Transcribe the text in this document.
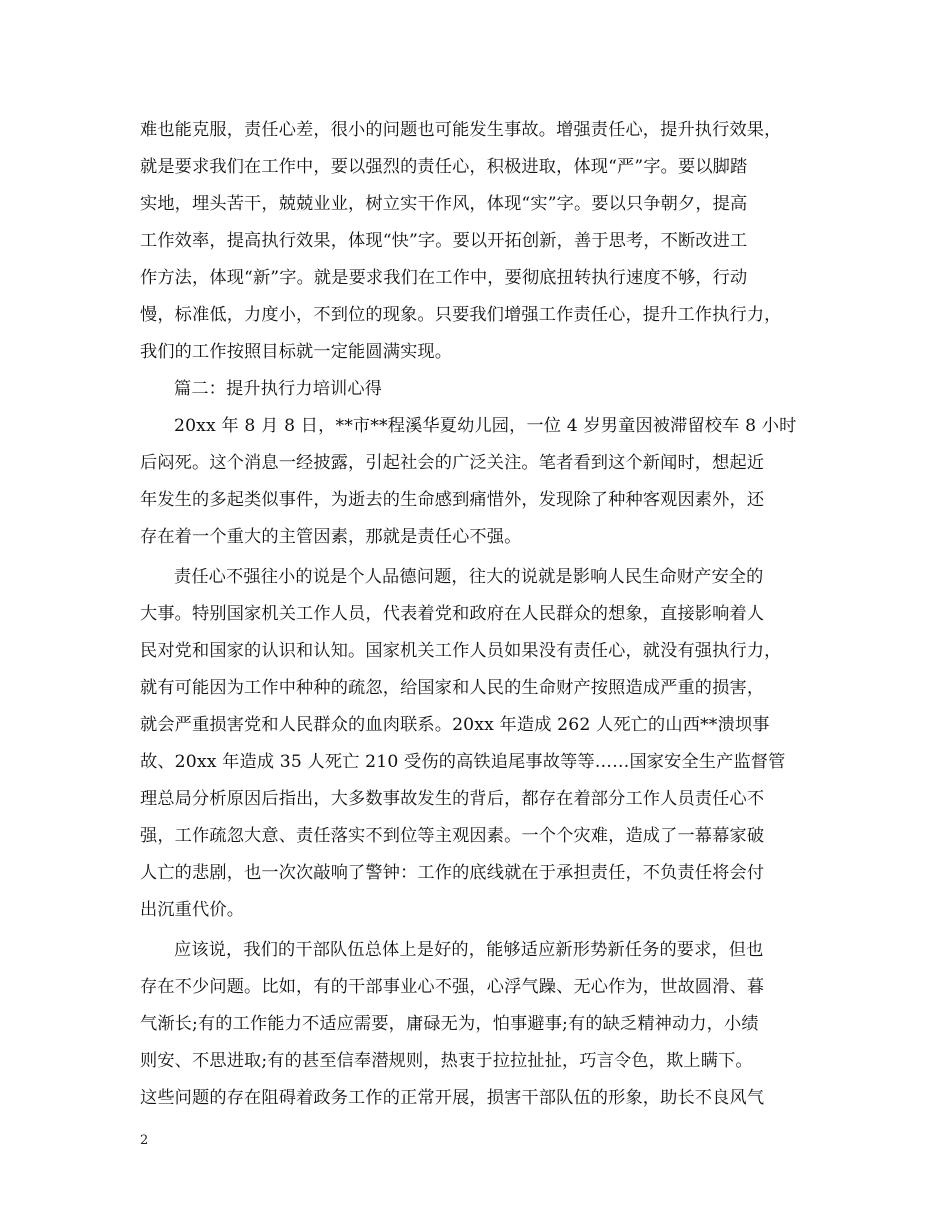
难也能克服，责任心差，很小的问题也可能发生事故。增强责任心，提升执行效果，
就是要求我们在工作中，要以强烈的责任心，积极进取，体现“严”字。要以脚踏
实地，埋头苦干，兢兢业业，树立实干作风，体现“实”字。要以只争朝夕，提高
工作效率，提高执行效果，体现“快”字。要以开拓创新，善于思考，不断改进工
作方法，体现“新”字。就是要求我们在工作中，要彻底扭转执行速度不够，行动
慢，标准低，力度小，不到位的现象。只要我们增强工作责任心，提升工作执行力，
我们的工作按照目标就一定能圆满实现。
篇二：提升执行力培训心得
20xx 年 8 月 8 日，**市**程溪华夏幼儿园，一位 4 岁男童因被滞留校车 8 小时
后闷死。这个消息一经披露，引起社会的广泛关注。笔者看到这个新闻时，想起近
年发生的多起类似事件，为逝去的生命感到痛惜外，发现除了种种客观因素外，还
存在着一个重大的主管因素，那就是责任心不强。
责任心不强往小的说是个人品德问题，往大的说就是影响人民生命财产安全的
大事。特别国家机关工作人员，代表着党和政府在人民群众的想象，直接影响着人
民对党和国家的认识和认知。国家机关工作人员如果没有责任心，就没有强执行力，
就有可能因为工作中种种的疏忽，给国家和人民的生命财产按照造成严重的损害，
就会严重损害党和人民群众的血肉联系。20xx 年造成 262 人死亡的山西**溃坝事
故、20xx 年造成 35 人死亡 210 受伤的高铁追尾事故等等……国家安全生产监督管
理总局分析原因后指出，大多数事故发生的背后，都存在着部分工作人员责任心不
强，工作疏忽大意、责任落实不到位等主观因素。一个个灾难，造成了一幕幕家破
人亡的悲剧，也一次次敲响了警钟：工作的底线就在于承担责任，不负责任将会付
出沉重代价。
应该说，我们的干部队伍总体上是好的，能够适应新形势新任务的要求，但也
存在不少问题。比如，有的干部事业心不强，心浮气躁、无心作为，世故圆滑、暮
气渐长;有的工作能力不适应需要，庸碌无为，怕事避事;有的缺乏精神动力，小绩
则安、不思进取;有的甚至信奉潜规则，热衷于拉拉扯扯，巧言令色，欺上瞒下。
这些问题的存在阻碍着政务工作的正常开展，损害干部队伍的形象，助长不良风气
2
